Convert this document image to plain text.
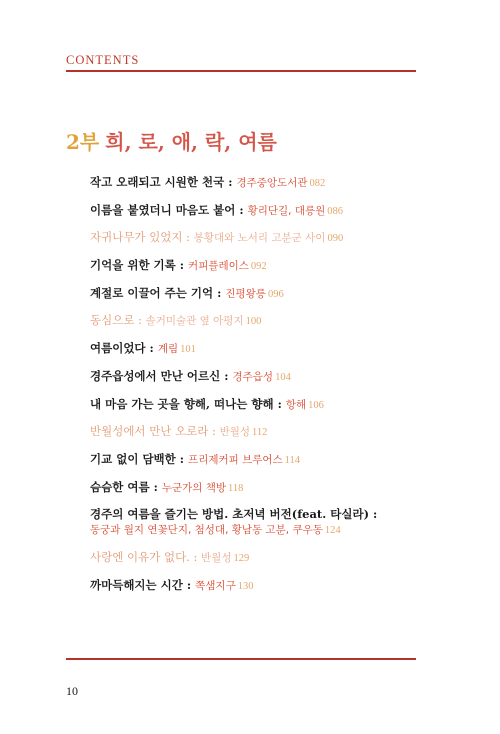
CONTENTS
2부 희, 로, 애, 락, 여름
작고 오래되고 시원한 천국 : 경주중앙도서관 082
이름을 붙였더니 마음도 붙어 : 황리단길, 대릉원 086
자귀나무가 있었지 : 봉황대와 노서리 고분군 사이 090
기억을 위한 기록 : 커피플레이스 092
계절로 이끌어 주는 기억 : 진평왕릉 096
동심으로 : 솔거미술관 옆 아평지 100
여름이었다 : 계림 101
경주읍성에서 만난 어르신 : 경주읍성 104
내 마음 가는 곳을 향해, 떠나는 향해 : 항해 106
반월성에서 만난 오로라 : 반월성 112
기교 없이 담백한 : 프리제커피 브루어스 114
슴슴한 여름 : 누군가의 책방 118
경주의 여름을 즐기는 방법. 초저녁 버전(feat. 타실라) :
동궁과 월지 연꽃단지, 첨성대, 황남동 고분, 쿠우동 124
사랑엔 이유가 없다. : 반월성 129
까마득해지는 시간 : 쪽샘지구 130
10
